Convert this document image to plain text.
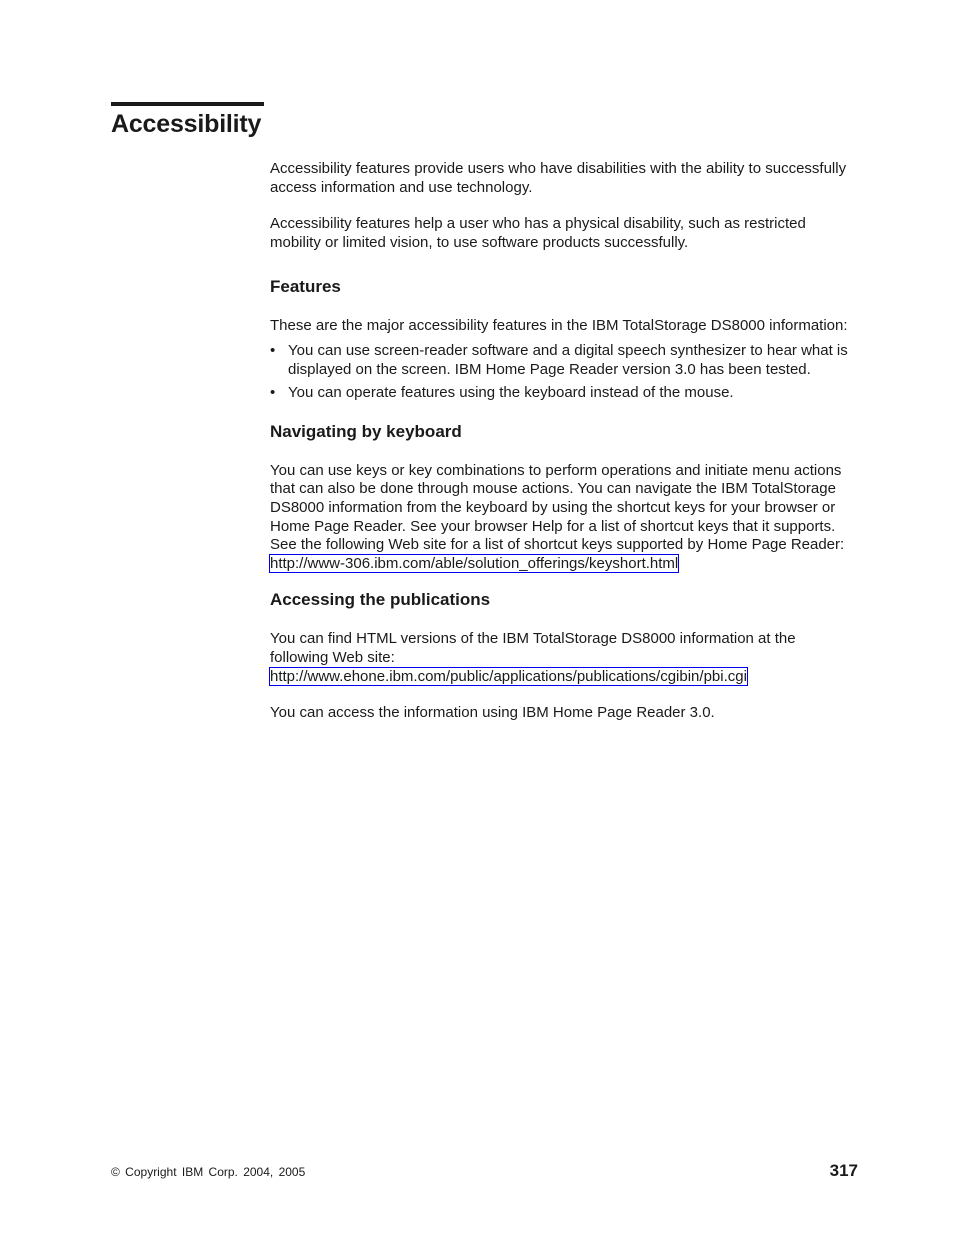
Accessibility

Accessibility features provide users who have disabilities with the ability to successfully access information and use technology.

Accessibility features help a user who has a physical disability, such as restricted mobility or limited vision, to use software products successfully.

Features

These are the major accessibility features in the IBM TotalStorage DS8000 information:

• You can use screen-reader software and a digital speech synthesizer to hear what is displayed on the screen. IBM Home Page Reader version 3.0 has been tested.
• You can operate features using the keyboard instead of the mouse.
Navigating by keyboard

You can use keys or key combinations to perform operations and initiate menu actions that can also be done through mouse actions. You can navigate the IBM TotalStorage DS8000 information from the keyboard by using the shortcut keys for your browser or Home Page Reader. See your browser Help for a list of shortcut keys that it supports. See the following Web site for a list of shortcut keys supported by Home Page Reader: http://www-306.ibm.com/able/solution_offerings/keyshort.html

Accessing the publications

You can find HTML versions of the IBM TotalStorage DS8000 information at the following Web site:
http://www.ehone.ibm.com/public/applications/publications/cgibin/pbi.cgi

You can access the information using IBM Home Page Reader 3.0.

© Copyright IBM Corp. 2004, 2005	317
